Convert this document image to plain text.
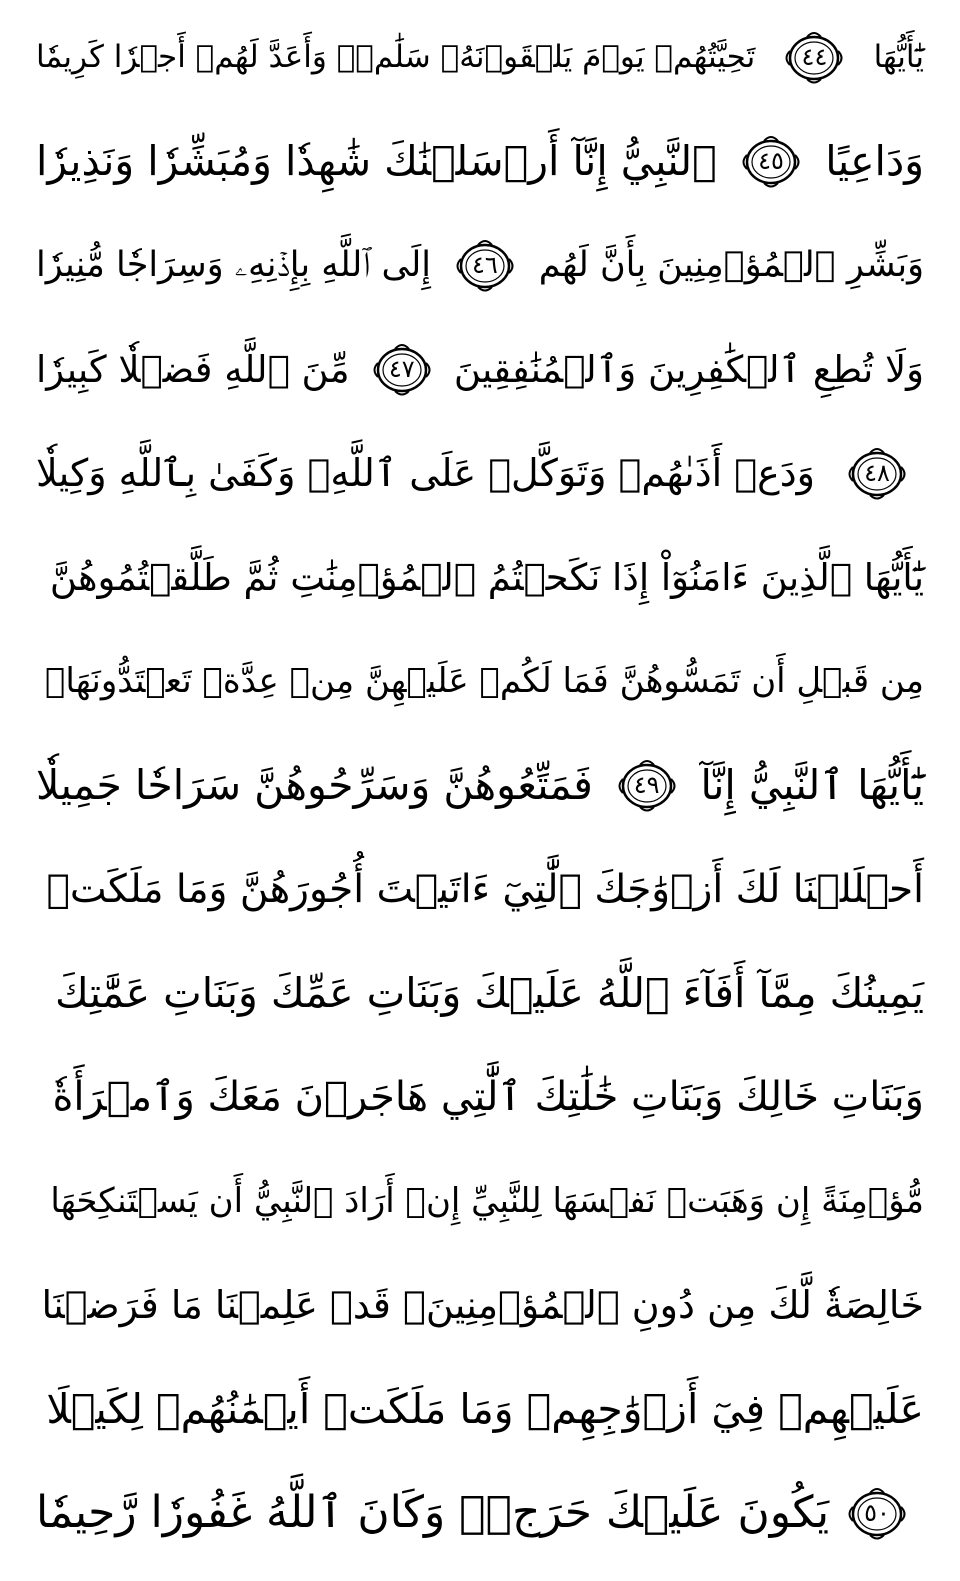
يَٰٓأَيُّهَا
٤٤
تَحِيَّتُهُمۡ يَوۡمَ يَلۡقَوۡنَهُۥ سَلَٰمٞۚ وَأَعَدَّ لَهُمۡ أَجۡرٗا كَرِيمٗا
وَدَاعِيًا
٤٥
ٱلنَّبِيُّ إِنَّآ أَرۡسَلۡنَٰكَ شَٰهِدٗا وَمُبَشِّرٗا وَنَذِيرٗا
وَبَشِّرِ ٱلۡمُؤۡمِنِينَ بِأَنَّ لَهُم
٤٦
إِلَى ٱللَّهِ بِإِذۡنِهِۦ وَسِرَاجٗا مُّنِيرٗا
وَلَا تُطِعِ ٱلۡكَٰفِرِينَ وَٱلۡمُنَٰفِقِينَ
٤٧
مِّنَ ٱللَّهِ فَضۡلٗا كَبِيرٗا
٤٨
وَدَعۡ أَذَىٰهُمۡ وَتَوَكَّلۡ عَلَى ٱللَّهِۚ وَكَفَىٰ بِٱللَّهِ وَكِيلٗا
يَٰٓأَيُّهَا ٱلَّذِينَ ءَامَنُوٓاْ إِذَا نَكَحۡتُمُ ٱلۡمُؤۡمِنَٰتِ ثُمَّ طَلَّقۡتُمُوهُنَّ
مِن قَبۡلِ أَن تَمَسُّوهُنَّ فَمَا لَكُمۡ عَلَيۡهِنَّ مِنۡ عِدَّةٖ تَعۡتَدُّونَهَاۖ
يَٰٓأَيُّهَا ٱلنَّبِيُّ إِنَّآ
٤٩
فَمَتِّعُوهُنَّ وَسَرِّحُوهُنَّ سَرَاحٗا جَمِيلٗا
أَحۡلَلۡنَا لَكَ أَزۡوَٰجَكَ ٱلَّٰتِيٓ ءَاتَيۡتَ أُجُورَهُنَّ وَمَا مَلَكَتۡ
يَمِينُكَ مِمَّآ أَفَآءَ ٱللَّهُ عَلَيۡكَ وَبَنَاتِ عَمِّكَ وَبَنَاتِ عَمَّٰتِكَ
وَبَنَاتِ خَالِكَ وَبَنَاتِ خَٰلَٰتِكَ ٱلَّٰتِي هَاجَرۡنَ مَعَكَ وَٱمۡرَأَةٗ
مُّؤۡمِنَةً إِن وَهَبَتۡ نَفۡسَهَا لِلنَّبِيِّ إِنۡ أَرَادَ ٱلنَّبِيُّ أَن يَسۡتَنكِحَهَا
خَالِصَةٗ لَّكَ مِن دُونِ ٱلۡمُؤۡمِنِينَۗ قَدۡ عَلِمۡنَا مَا فَرَضۡنَا
عَلَيۡهِمۡ فِيٓ أَزۡوَٰجِهِمۡ وَمَا مَلَكَتۡ أَيۡمَٰنُهُمۡ لِكَيۡلَا
٥٠
يَكُونَ عَلَيۡكَ حَرَجٞۗ وَكَانَ ٱللَّهُ غَفُورٗا رَّحِيمٗا
